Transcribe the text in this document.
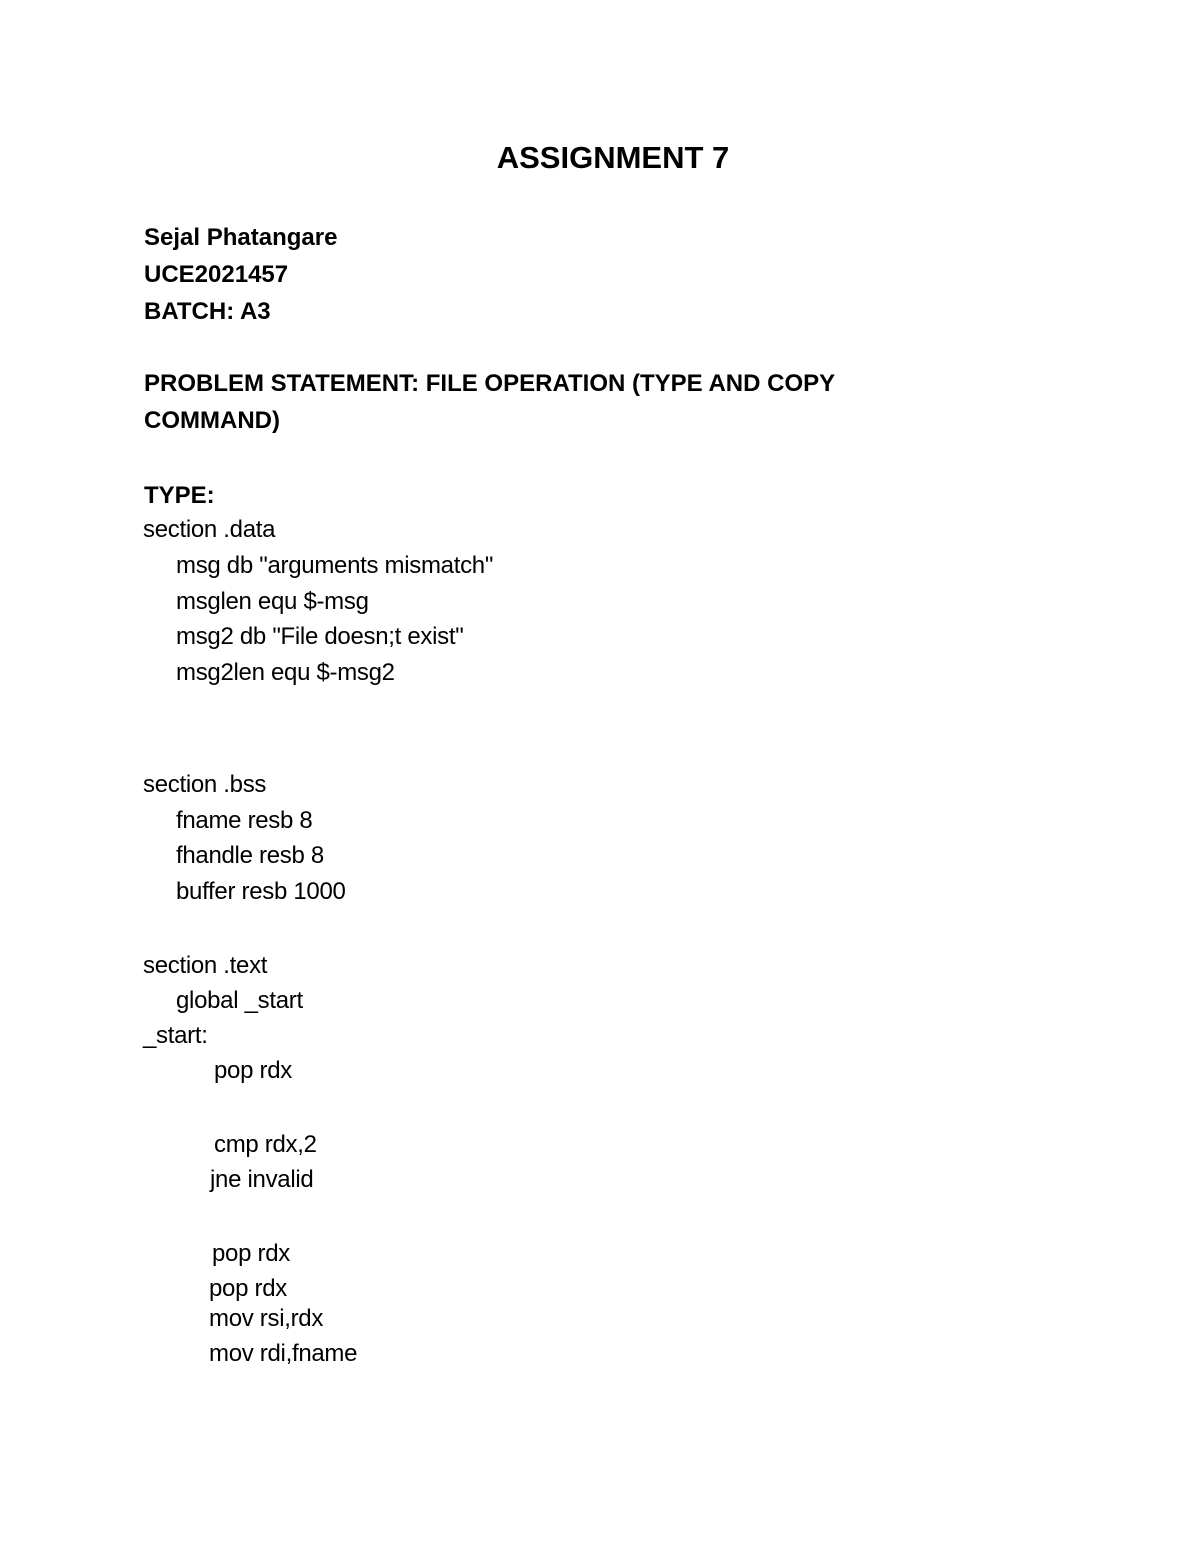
ASSIGNMENT 7
Sejal Phatangare
UCE2021457
BATCH: A3
PROBLEM STATEMENT: FILE OPERATION (TYPE AND COPY
COMMAND)
TYPE:
section .data
msg db "arguments mismatch"
msglen equ $-msg
msg2 db "File doesn;t exist"
msg2len equ $-msg2
section .bss
fname resb 8
fhandle resb 8
buffer resb 1000
section .text
global _start
_start:
pop rdx
cmp rdx,2
jne invalid
pop rdx
pop rdx
mov rsi,rdx
mov rdi,fname
